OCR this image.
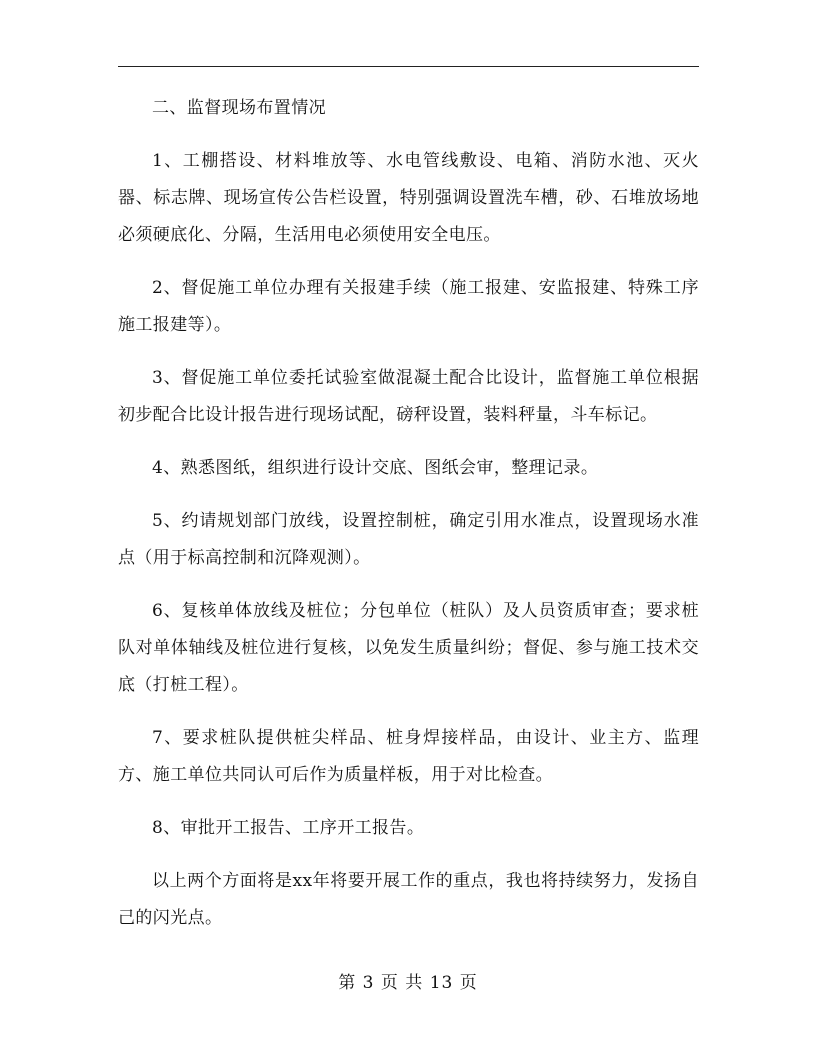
二、监督现场布置情况

1、工棚搭设、材料堆放等、水电管线敷设、电箱、消防水池、灭火器、标志牌、现场宣传公告栏设置，特别强调设置洗车槽，砂、石堆放场地必须硬底化、分隔，生活用电必须使用安全电压。

2、督促施工单位办理有关报建手续（施工报建、安监报建、特殊工序施工报建等）。

3、督促施工单位委托试验室做混凝土配合比设计，监督施工单位根据初步配合比设计报告进行现场试配，磅秤设置，装料秤量，斗车标记。

4、熟悉图纸，组织进行设计交底、图纸会审，整理记录。

5、约请规划部门放线，设置控制桩，确定引用水准点，设置现场水准点（用于标高控制和沉降观测）。

6、复核单体放线及桩位；分包单位（桩队）及人员资质审查；要求桩队对单体轴线及桩位进行复核，以免发生质量纠纷；督促、参与施工技术交底（打桩工程）。

7、要求桩队提供桩尖样品、桩身焊接样品，由设计、业主方、监理方、施工单位共同认可后作为质量样板，用于对比检查。

8、审批开工报告、工序开工报告。

以上两个方面将是xx年将要开展工作的重点，我也将持续努力，发扬自己的闪光点。

第 3 页 共 13 页
